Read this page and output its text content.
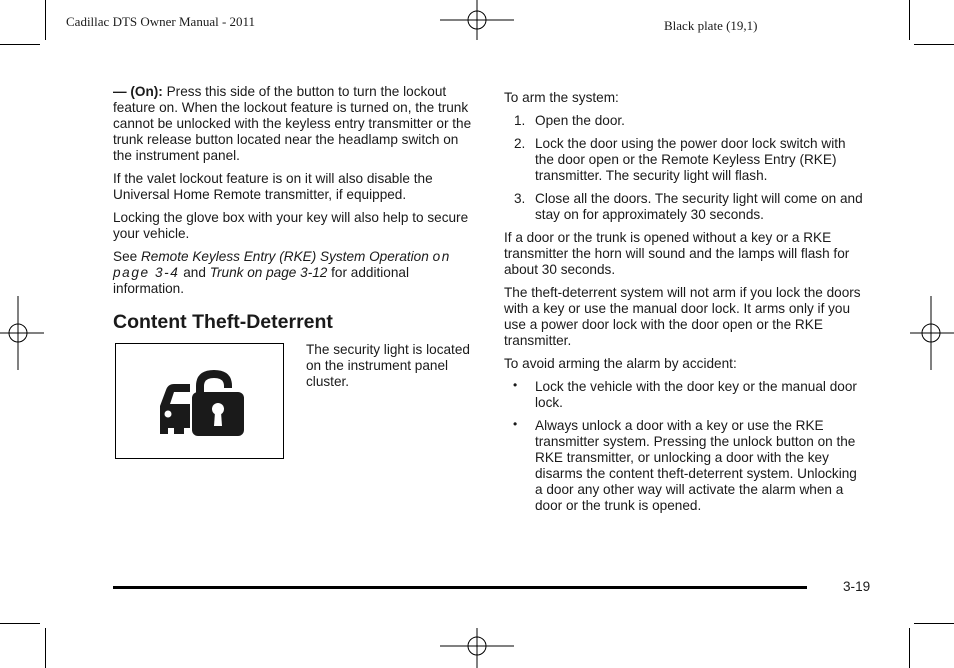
Cadillac DTS Owner Manual - 2011	Black plate (19,1)

— (On): Press this side of the button to turn the lockout feature on. When the lockout feature is turned on, the trunk cannot be unlocked with the keyless entry transmitter or the trunk release button located near the headlamp switch on the instrument panel.

If the valet lockout feature is on it will also disable the Universal Home Remote transmitter, if equipped.

Locking the glove box with your key will also help to secure your vehicle.

See Remote Keyless Entry (RKE) System Operation on page 3‑4 and Trunk on page 3‑12 for additional information.

Content Theft-Deterrent
The security light is located on the instrument panel cluster.

To arm the system:

1. Open the door.
2. Lock the door using the power door lock switch with the door open or the Remote Keyless Entry (RKE) transmitter. The security light will flash.
3. Close all the doors. The security light will come on and stay on for approximately 30 seconds.

If a door or the trunk is opened without a key or a RKE transmitter the horn will sound and the lamps will flash for about 30 seconds.

The theft-deterrent system will not arm if you lock the doors with a key or use the manual door lock. It arms only if you use a power door lock with the door open or the RKE transmitter.

To avoid arming the alarm by accident:

• Lock the vehicle with the door key or the manual door lock.
• Always unlock a door with a key or use the RKE transmitter system. Pressing the unlock button on the RKE transmitter, or unlocking a door with the key disarms the content theft-deterrent system. Unlocking a door any other way will activate the alarm when a door or the trunk is opened.
3-19
